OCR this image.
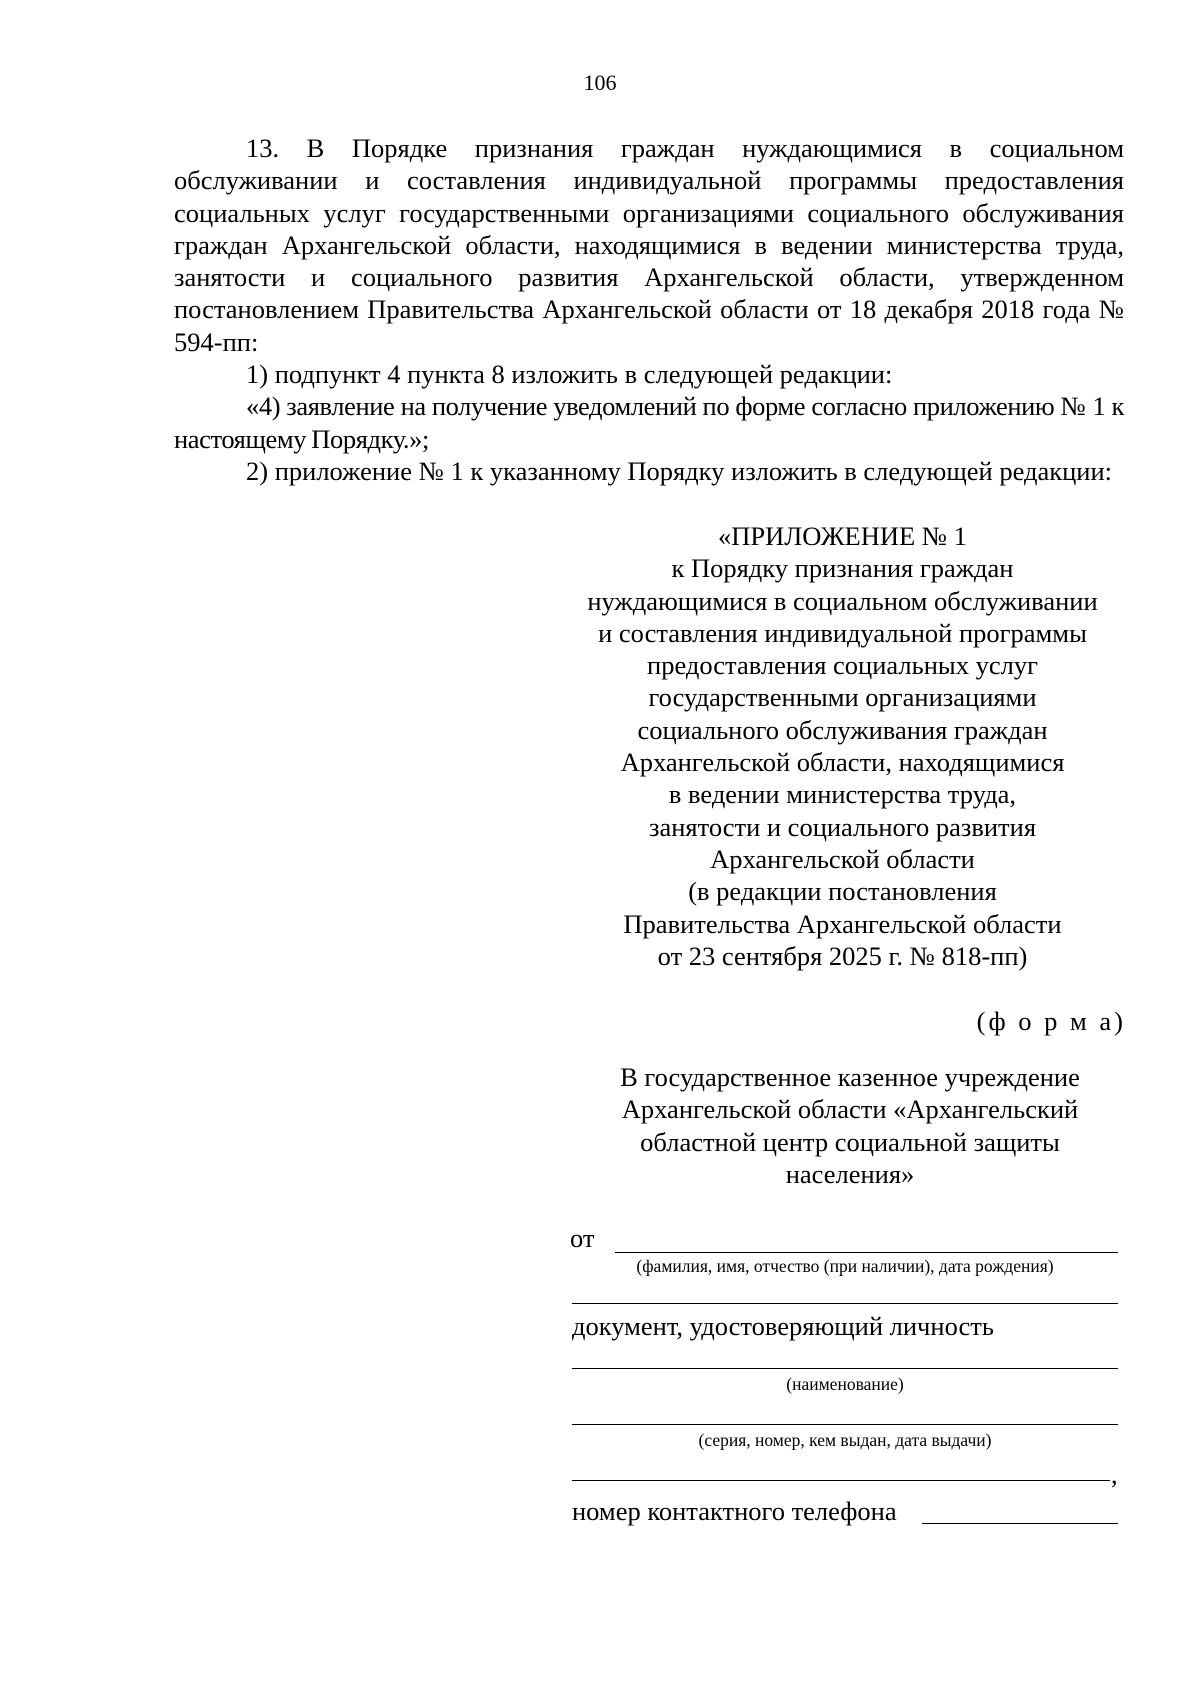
106

13. В Порядке признания граждан нуждающимися в социальном обслуживании и составления индивидуальной программы предоставления социальных услуг государственными организациями социального обслуживания граждан Архангельской области, находящимися в ведении министерства труда, занятости и социального развития Архангельской области, утвержденном постановлением Правительства Архангельской области от 18 декабря 2018 года № 594-пп:

1) подпункт 4 пункта 8 изложить в следующей редакции:

«4) заявление на получение уведомлений по форме согласно приложению № 1 к настоящему Порядку.»;

2) приложение № 1 к указанному Порядку изложить в следующей редакции:

«ПРИЛОЖЕНИЕ № 1
к Порядку признания граждан
нуждающимися в социальном обслуживании
и составления индивидуальной программы
предоставления социальных услуг
государственными организациями
социального обслуживания граждан
Архангельской области, находящимися
в ведении министерства труда,
занятости и социального развития
Архангельской области
(в редакции постановления
Правительства Архангельской области
от 23 сентября 2025 г. № 818-пп)
(ф о р м а)
В государственное казенное учреждение
Архангельской области «Архангельский
областной центр социальной защиты
населения»
от
(фамилия, имя, отчество (при наличии), дата рождения)
документ, удостоверяющий личность
(наименование)
(серия, номер, кем выдан, дата выдачи)
,
номер контактного телефона
